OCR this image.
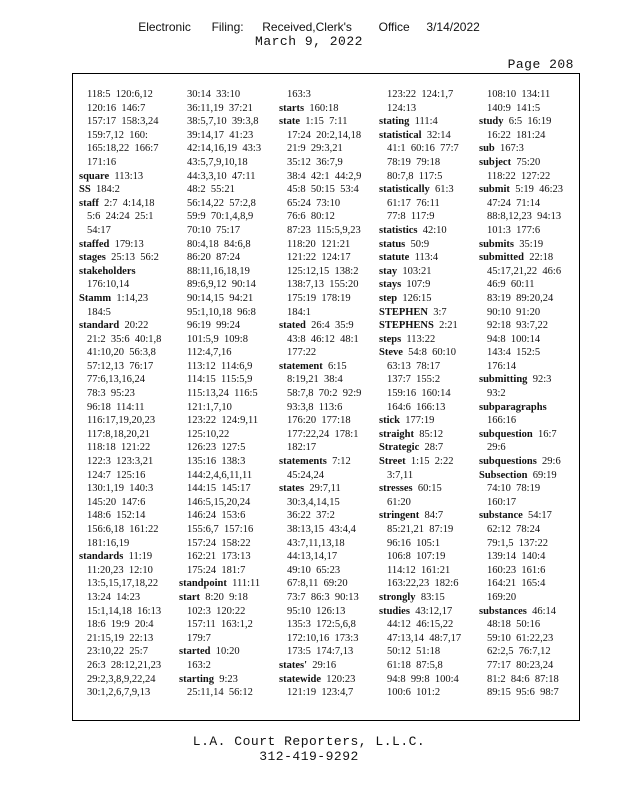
Electronic Filing: Received,Clerk's Office 3/14/2022
March 9, 2022
Page 208
118:5  120:6,12
120:16  146:7
157:17  158:3,24
159:7,12  160:
165:18,22  166:7
171:16
square  113:13
SS  184:2
staff  2:7  4:14,18
5:6  24:24  25:1
54:17
staffed  179:13
stages  25:13  56:2
stakeholders
176:10,14
Stamm  1:14,23
184:5
standard  20:22
21:2  35:6  40:1,8
41:10,20  56:3,8
57:12,13  76:17
77:6,13,16,24
78:3  95:23
96:18  114:11
116:17,19,20,23
117:8,18,20,21
118:18  121:22
122:3  123:3,21
124:7  125:16
130:1,19  140:3
145:20  147:6
148:6  152:14
156:6,18  161:22
181:16,19
standards  11:19
11:20,23  12:10
13:5,15,17,18,22
13:24  14:23
15:1,14,18  16:13
18:6  19:9  20:4
21:15,19  22:13
23:10,22  25:7
26:3  28:12,21,23
29:2,3,8,9,22,24
30:1,2,6,7,9,13
30:14  33:10
36:11,19  37:21
38:5,7,10  39:3,8
39:14,17  41:23
42:14,16,19  43:3
43:5,7,9,10,18
44:3,3,10  47:11
48:2  55:21
56:14,22  57:2,8
59:9  70:1,4,8,9
70:10  75:17
80:4,18  84:6,8
86:20  87:24
88:11,16,18,19
89:6,9,12  90:14
90:14,15  94:21
95:1,10,18  96:8
96:19  99:24
101:5,9  109:8
112:4,7,16
113:12  114:6,9
114:15  115:5,9
115:13,24  116:5
121:1,7,10
123:22  124:9,11
125:10,22
126:23  127:5
135:16  138:3
144:2,4,6,11,11
144:15  145:17
146:5,15,20,24
146:24  153:6
155:6,7  157:16
157:24  158:22
162:21  173:13
175:24  181:7
standpoint  111:11
start  8:20  9:18
102:3  120:22
157:11  163:1,2
179:7
started  10:20
163:2
starting  9:23
25:11,14  56:12
163:3
starts  160:18
state  1:15  7:11
17:24  20:2,14,18
21:9  29:3,21
35:12  36:7,9
38:4  42:1  44:2,9
45:8  50:15  53:4
65:24  73:10
76:6  80:12
87:23  115:5,9,23
118:20  121:21
121:22  124:17
125:12,15  138:2
138:7,13  155:20
175:19  178:19
184:1
stated  26:4  35:9
43:8  46:12  48:1
177:22
statement  6:15
8:19,21  38:4
58:7,8  70:2  92:9
93:3,8  113:6
176:20  177:18
177:22,24  178:1
182:17
statements  7:12
45:24,24
states  29:7,11
30:3,4,14,15
36:22  37:2
38:13,15  43:4,4
43:7,11,13,18
44:13,14,17
49:10  65:23
67:8,11  69:20
73:7  86:3  90:13
95:10  126:13
135:3  172:5,6,8
172:10,16  173:3
173:5  174:7,13
states'  29:16
statewide  120:23
121:19  123:4,7
123:22  124:1,7
124:13
stating  111:4
statistical  32:14
41:1  60:16  77:7
78:19  79:18
80:7,8  117:5
statistically  61:3
61:17  76:11
77:8  117:9
statistics  42:10
status  50:9
statute  113:4
stay  103:21
stays  107:9
step  126:15
STEPHEN  3:7
STEPHENS  2:21
steps  113:22
Steve  54:8  60:10
63:13  78:17
137:7  155:2
159:16  160:14
164:6  166:13
stick  177:19
straight  85:12
Strategic  28:7
Street  1:15  2:22
3:7,11
stresses  60:15
61:20
stringent  84:7
85:21,21  87:19
96:16  105:1
106:8  107:19
114:12  161:21
163:22,23  182:6
strongly  83:15
studies  43:12,17
44:12  46:15,22
47:13,14  48:7,17
50:12  51:18
61:18  87:5,8
94:8  99:8  100:4
100:6  101:2
108:10  134:11
140:9  141:5
study  6:5  16:19
16:22  181:24
sub  167:3
subject  75:20
118:22  127:22
submit  5:19  46:23
47:24  71:14
88:8,12,23  94:13
101:3  177:6
submits  35:19
submitted  22:18
45:17,21,22  46:6
46:9  60:11
83:19  89:20,24
90:10  91:20
92:18  93:7,22
94:8  100:14
143:4  152:5
176:14
submitting  92:3
93:2
subparagraphs
166:16
subquestion  16:7
29:6
subquestions  29:6
Subsection  69:19
74:10  78:19
160:17
substance  54:17
62:12  78:24
79:1,5  137:22
139:14  140:4
160:23  161:6
164:21  165:4
169:20
substances  46:14
48:18  50:16
59:10  61:22,23
62:2,5  76:7,12
77:17  80:23,24
81:2  84:6  87:18
89:15  95:6  98:7
L.A. Court Reporters, L.L.C.
312-419-9292
